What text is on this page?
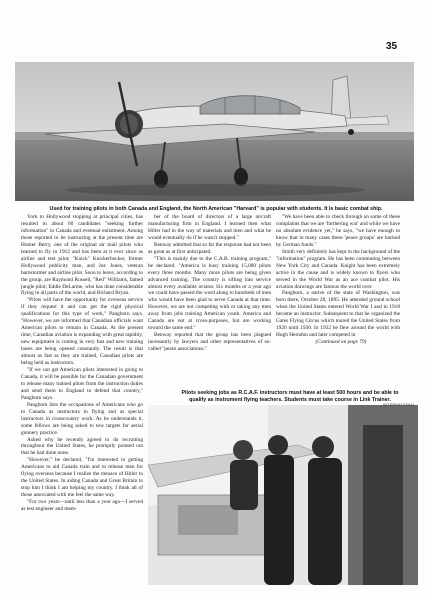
35
Used for training pilots in both Canada and England, the North American "Harvard" is popular with students. It is basic combat ship.

York to Hollywood stopping at principal cities, has resulted in about 60 candidates "seeking further information" in Canada and eventual enlistment. Among those reported to be instructing at the present time are Homer Berry, one of the original air mail pilots who learned to fly in 1912 and has been at it ever since as airline and test pilot; "Knick" Knickerbocker, former Hollywood publicity man, and Joe Jones, veteran barnstormer and airline pilot. Soon to leave, according to the group, are Raymond Russell, "Red" Williams, famed jungle pilot; Eddie DeLarme, who has done considerable flying in all parts of the world, and Richard Bryan.

"Pilots will have the opportunity for overseas service if they request it and can get the rigid physical qualifications for this type of work," Pangborn says. "However, we are informed that Canadian officials want American pilots to remain in Canada. At the present time, Canadian aviation is expanding with great rapidity, new equipment is coming in very fast and new training bases are being opened constantly. The result is that almost as fast as they are trained, Canadian pilots are being held as instructors.

"If we can get American pilots interested in going to Canada, it will be possible for the Canadian government to release many trained pilots from the instruction duties and send them to England to defend that country," Pangborn says.

Pangborn lists the occupations of Americans who go to Canada as instructors in flying and as special instructors in crosscountry work. As he understands it, some fellows are being asked to tow targets for aerial gunnery practice.

Asked why he recently agreed to do recruiting throughout the United States, he promptly pointed out that he had done none.

"However," he declared, "I'm interested in getting Americans to aid Canada train and to release men for flying overseas because I realize the menace of Hitler to the United States. In aiding Canada and Great Britain to stop him I think I am helping my country. I think all of those associated with me feel the same way.

"For two years—until less than a year ago—I served as test engineer and mem-

ber of the board of directors of a large aircraft manufacturing firm in England. I learned then what Hitler had in the way of materials and men and what he would eventually do if he wasn't stopped."

Benway admitted that so far the response had not been as great as at first anticipated.

"This is mainly due to the C.A.B. training program," he declared. "America is busy training 15,000 pilots every three months. Many more pilots are being given advanced training. The country is sifting into service almost every available aviator. Six months or a year ago we could have passed the word along to hundreds of men who would have been glad to serve Canada at that time. However, we are not competing with or taking any men away from jobs training American youth. America and Canada are not at cross-purposes, but are working toward the same end."

Benway reported that the group has been plagued incessantly by lawyers and other representatives of so-called "peace associations."

"We have been able to check through on some of these complaints that we are 'furthering war' and while we have no absolute evidence yet," he says, "we have enough to know that in many cases these 'peace groups' are backed by German funds."

Smith very definitely has kept in the background of the "information" program. He has been commuting between New York City and Canada. Knight has been extremely active in the cause and is widely known to flyers who served in the World War as an ace combat pilot. His aviation drawings are famous the world over.

Pangborn, a native of the state of Washington, was born there, October 28, 1895. He attended ground school when the United States entered World War I and in 1918 became an instructor. Subsequent to that he organized the Gates Flying Circus which toured the United States from 1920 until 1930. In 1932 he flew around the world with Hugh Herndon and later competed in

(Continued on page 79)

Pilots seeking jobs as R.C.A.F. instructors must have at least 500 hours and be able to
qualify as instrument flying teachers. Students must take course in Link Trainer.
INTERNATIONAL
